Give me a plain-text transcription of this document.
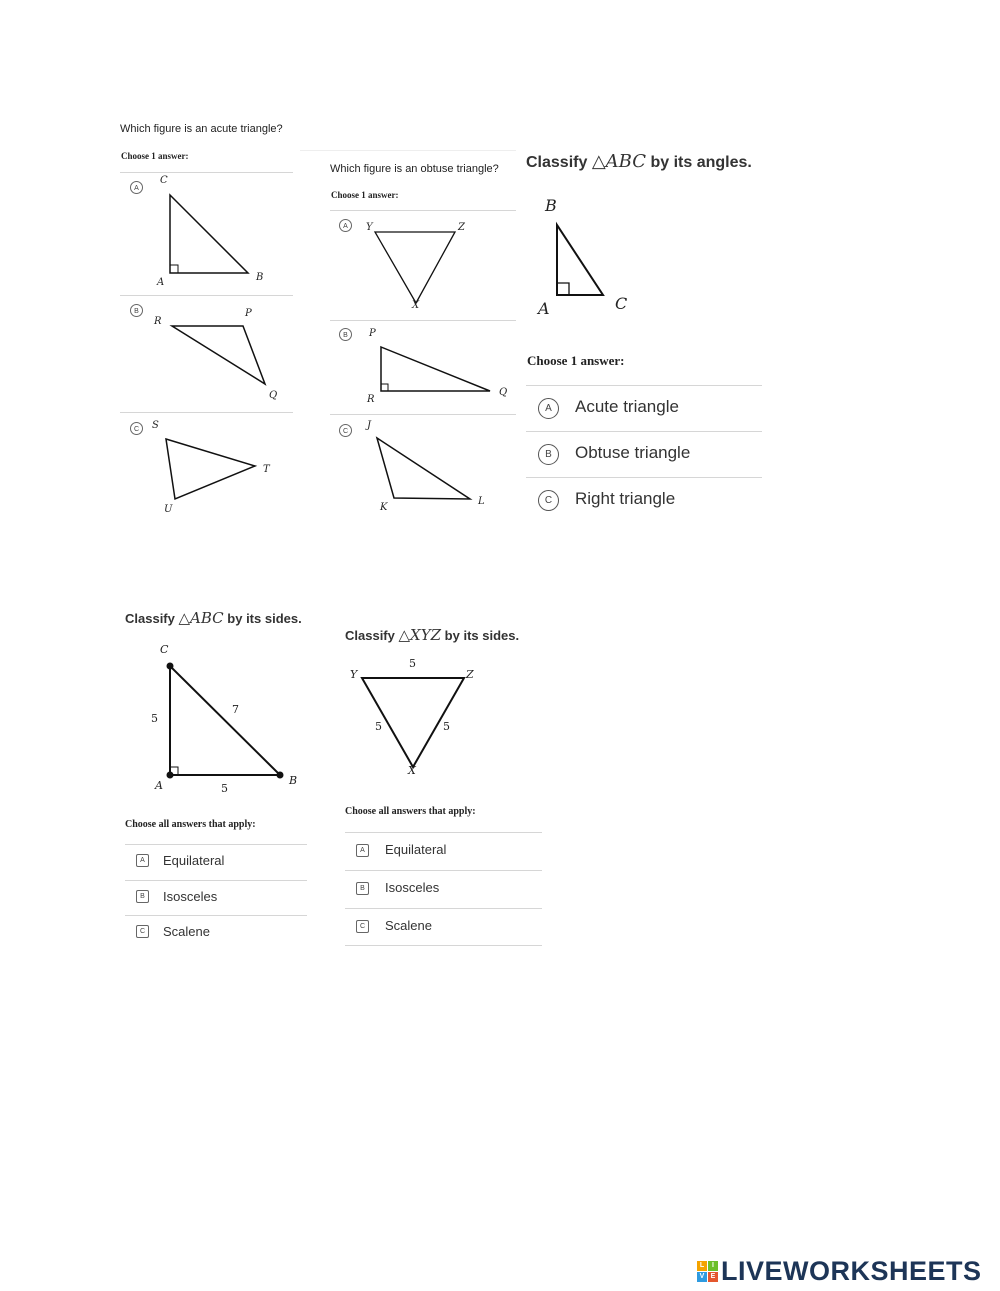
Which figure is an acute triangle?
Choose 1 answer:
A
C
A	B
B
R
P
Q
C	S
T
U
Which figure is an obtuse triangle?
Choose 1 answer:
A	Y	Z
X
B	P
R
Q
C
J
K
L
Classify △ABC by its angles.
B
A	C
Choose 1 answer:
A	Acute triangle
B	Obtuse triangle
C	Right triangle
Classify △ABC by its sides.
C
A	B
5
7
5
Choose all answers that apply:
A	Equilateral
B	Isosceles
C	Scalene
Classify △XYZ by its sides.
Y	Z
X
5
5	5
Choose all answers that apply:
A	Equilateral
B	Isosceles
C	Scalene
L	I
V E LIVEWORKSHEETS
